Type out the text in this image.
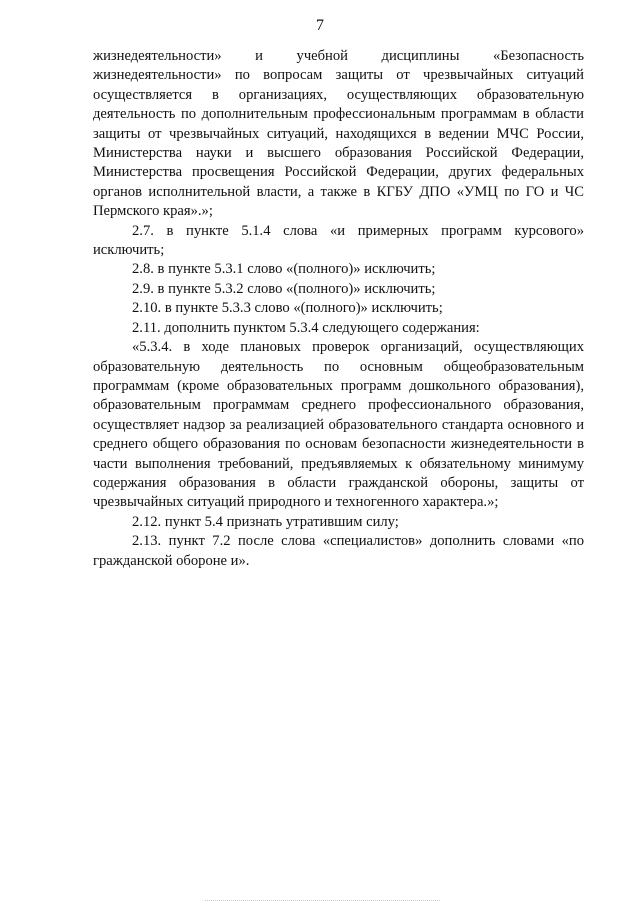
7

жизнедеятельности» и учебной дисциплины «Безопасность жизнедеятельности» по вопросам защиты от чрезвычайных ситуаций осуществляется в организациях, осуществляющих образовательную деятельность по дополнительным профессиональным программам в области защиты от чрезвычайных ситуаций, находящихся в ведении МЧС России, Министерства науки и высшего образования Российской Федерации, Министерства просвещения Российской Федерации, других федеральных органов исполнительной власти, а также в КГБУ ДПО «УМЦ по ГО и ЧС Пермского края».»;

2.7. в пункте 5.1.4 слова «и примерных программ курсового» исключить;

2.8. в пункте 5.3.1 слово «(полного)» исключить;

2.9. в пункте 5.3.2 слово «(полного)» исключить;

2.10. в пункте 5.3.3 слово «(полного)» исключить;

2.11. дополнить пунктом 5.3.4 следующего содержания:

«5.3.4. в ходе плановых проверок организаций, осуществляющих образовательную деятельность по основным общеобразовательным программам (кроме образовательных программ дошкольного образования), образовательным программам среднего профессионального образования, осуществляет надзор за реализацией образовательного стандарта основного и среднего общего образования по основам безопасности жизнедеятельности в части выполнения требований, предъявляемых к обязательному минимуму содержания образования в области гражданской обороны, защиты от чрезвычайных ситуаций природного и техногенного характера.»;

2.12. пункт 5.4 признать утратившим силу;

2.13. пункт 7.2 после слова «специалистов» дополнить словами «по гражданской обороне и».
